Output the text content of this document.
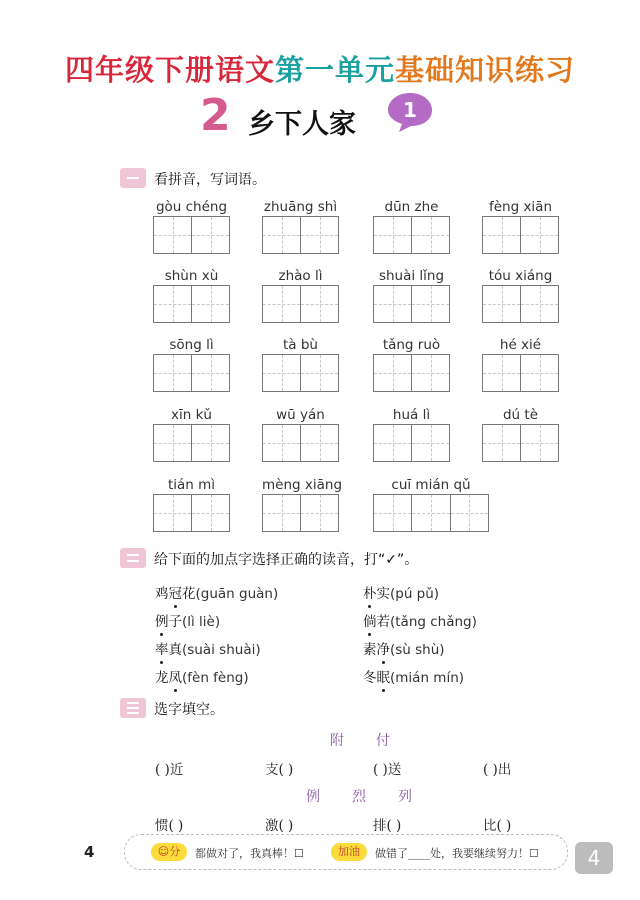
四年级下册语文第一单元基础知识练习
2 乡下人家 1
看拼音，写词语。
gòu chéng	zhuāng shì	dūn zhe	fèng xiān
shùn xù	zhào lì	shuài lǐng	tóu xiáng
sōng lì	tà bù	tǎng ruò	hé xié
xīn kǔ	wū yán	huá lì	dú tè
tián mì	mèng xiāng	cuī mián qǔ
给下面的加点字选择正确的读音，打“✓”。
鸡冠花(guān guàn)	朴实(pú pǔ)
例子(lì liè)	倘若(tǎng chǎng)
率真(suài shuài)	素净(sù shù)
龙凤(fèn fèng)	冬眠(mián mín)
选字填空。
附 付
( )近	支( )	( )送	( )出
例 烈 列
惯( )	激( )	排( )	比( )
4	☺分	都做对了，我真棒！☐	加油	做错了____处，我要继续努力！☐	4
